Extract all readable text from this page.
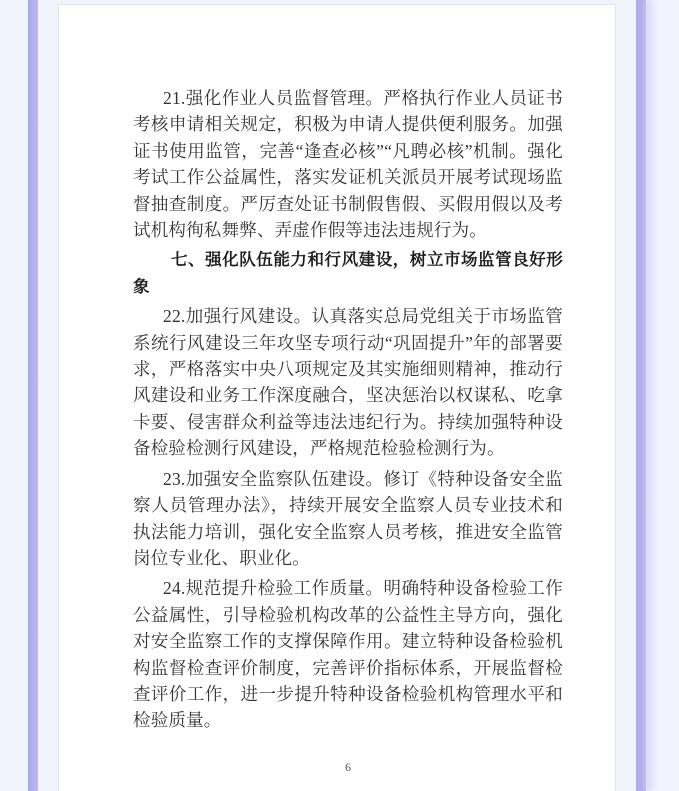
21.强化作业人员监督管理。严格执行作业人员证书考核申请相关规定，积极为申请人提供便利服务。加强证书使用监管，完善“逢查必核”“凡聘必核”机制。强化考试工作公益属性，落实发证机关派员开展考试现场监督抽查制度。严厉查处证书制假售假、买假用假以及考试机构徇私舞弊、弄虚作假等违法违规行为。

七、强化队伍能力和行风建设，树立市场监管良好形象

22.加强行风建设。认真落实总局党组关于市场监管系统行风建设三年攻坚专项行动“巩固提升”年的部署要求，严格落实中央八项规定及其实施细则精神，推动行风建设和业务工作深度融合，坚决惩治以权谋私、吃拿卡要、侵害群众利益等违法违纪行为。持续加强特种设备检验检测行风建设，严格规范检验检测行为。

23.加强安全监察队伍建设。修订《特种设备安全监察人员管理办法》，持续开展安全监察人员专业技术和执法能力培训，强化安全监察人员考核，推进安全监管岗位专业化、职业化。

24.规范提升检验工作质量。明确特种设备检验工作公益属性，引导检验机构改革的公益性主导方向，强化对安全监察工作的支撑保障作用。建立特种设备检验机构监督检查评价制度，完善评价指标体系，开展监督检查评价工作，进一步提升特种设备检验机构管理水平和检验质量。

6
